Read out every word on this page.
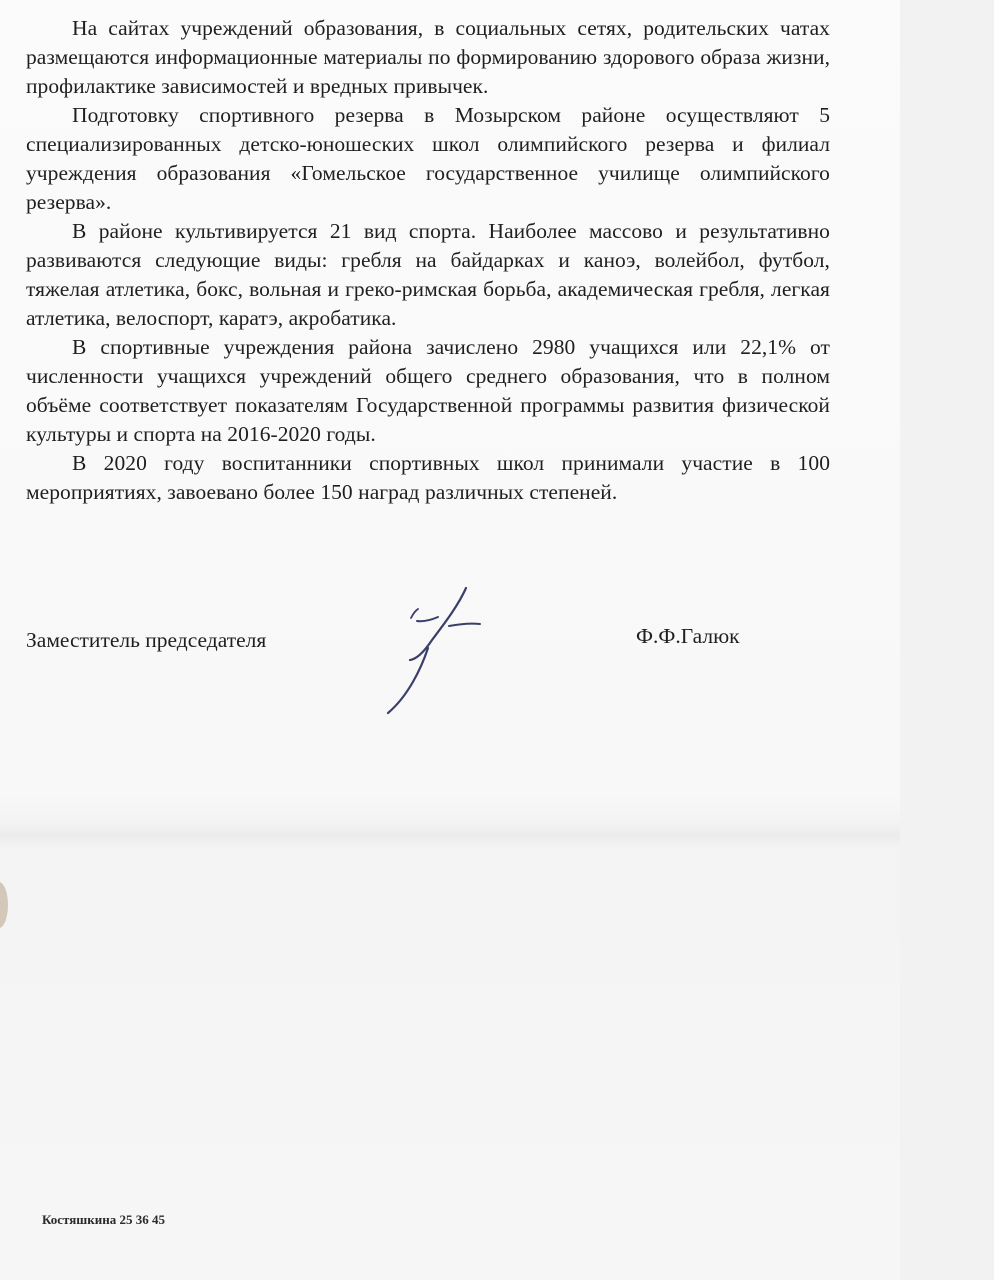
На сайтах учреждений образования, в социальных сетях, родительских чатах размещаются информационные материалы по формированию здорового образа жизни, профилактике зависимостей и вредных привычек.

Подготовку спортивного резерва в Мозырском районе осуществляют 5 специализированных детско-юношеских школ олимпийского резерва и филиал учреждения образования «Гомельское государственное училище олимпийского резерва».

В районе культивируется 21 вид спорта. Наиболее массово и результативно развиваются следующие виды: гребля на байдарках и каноэ, волейбол, футбол, тяжелая атлетика, бокс, вольная и греко-римская борьба, академическая гребля, легкая атлетика, велоспорт, каратэ, акробатика.

В спортивные учреждения района зачислено 2980 учащихся или 22,1% от численности учащихся учреждений общего среднего образования, что в полном объёме соответствует показателям Государственной программы развития физической культуры и спорта на 2016-2020 годы.

В 2020 году воспитанники спортивных школ принимали участие в 100 мероприятиях, завоевано более 150 наград различных степеней.

Заместитель председателя	Ф.Ф.Галюк
Костяшкина 25 36 45
